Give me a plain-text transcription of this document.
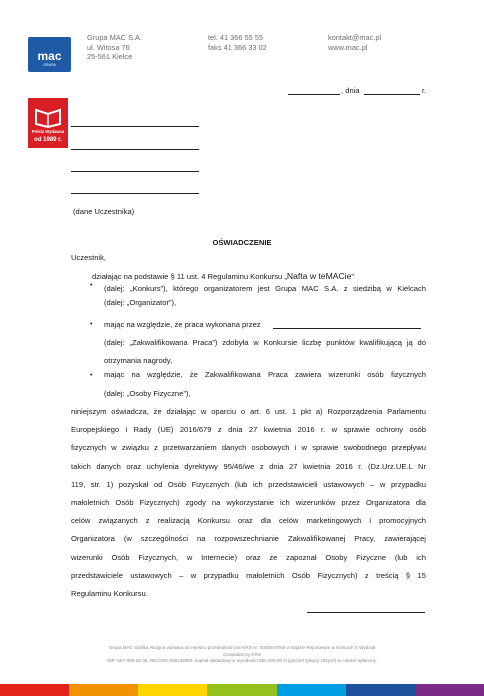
mac
GRUPA
Grupa MAC S.A.
ul. Witosa 76
25-561 Kielce
tel. 41 366 55 55
faks 41 366 33 02
kontakt@mac.pl
www.mac.pl
, dnia	r.
Polski Wydawca
od 1989 r.
(dane Uczestnika)
OŚWIADCZENIE
Uczestnik,
działając na podstawie § 11 ust. 4 Regulaminu Konkursu „Nafta w teMACie”
• (dalej: „Konkurs”), którego organizatorem jest Grupa MAC S.A. z siedzibą w Kielcach
(dalej: „Organizator”),
• mając na względzie, że praca wykonana przez
(dalej: „Zakwalifikowana Praca”) zdobyła w Konkursie liczbę punktów kwalifikującą ją do
otrzymania nagrody,
• mając na względzie, że Zakwalifikowana Praca zawiera wizerunki osób fizycznych
(dalej: „Osoby Fizyczne”),
niniejszym oświadcza, że działając w oparciu o art. 6 ust. 1 pkt a) Rozporządzenia Parlamentu
Europejskiego i Rady (UE) 2016/679 z dnia 27 kwietnia 2016 r. w sprawie ochrony osób
fizycznych w związku z przetwarzaniem danych osobowych i w sprawie swobodnego przepływu
takich danych oraz uchylenia dyrektywy 95/46/we z dnia 27 kwietnia 2016 r. (Dz.Urz.UE.L Nr
119, str. 1) pozyskał od Osób Fizycznych (lub ich przedstawicieli ustawowych – w przypadku
małoletnich Osób Fizycznych) zgody na wykorzystanie ich wizerunków przez Organizatora dla
celów związanych z realizacją Konkursu oraz dla celów marketingowych i promocyjnych
Organizatora (w szczególności na rozpowszechnianie Zakwalifikowanej Pracy, zawierającej
wizerunki Osób Fizycznych, w Internecie) oraz że zapoznał Osoby Fizyczne (lub ich
przedstawiciele ustawowych – w przypadku małoletnich Osób Fizycznych) z treścią § 15
Regulaminu Konkursu.
Grupa MAC Spółka Akcyjna wpisana do rejestru przedsiębiorców KRS nr: 0000047059 w Sądzie Rejonowym w Kielcach X Wydział
Gospodarczy KRS
NIP: 657-008-22-45, REGON: 008149990, kapitał zakładowy w wysokości 500 000,00 zł (pięćset tysięcy złotych) w całości opłacony.
